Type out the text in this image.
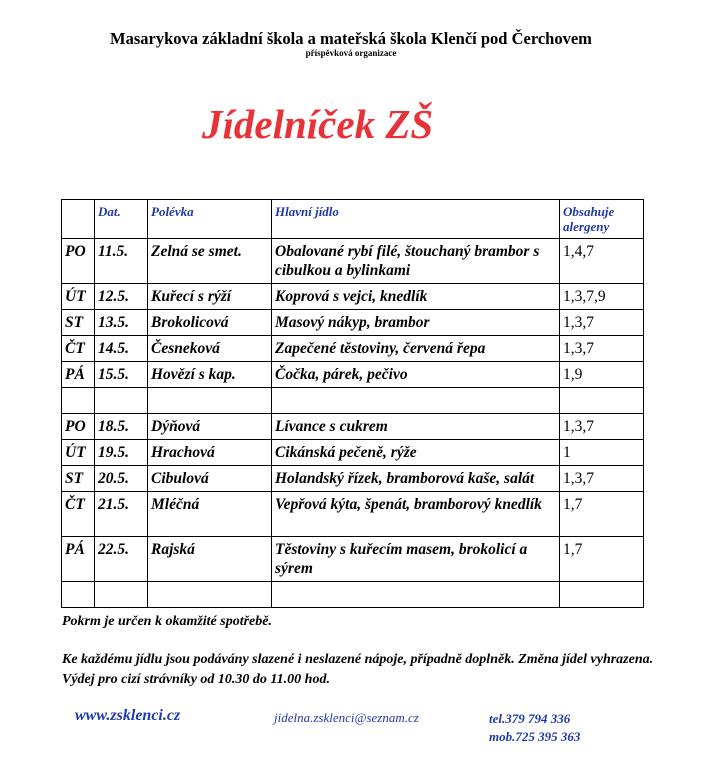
Masarykova základní škola a mateřská škola Klenčí pod Čerchovem
příspěvková organizace
Jídelníček ZŠ
	Dat.	Polévka	Hlavní jídlo	Obsahuje alergeny
PO	11.5.	Zelná se smet.	Obalované rybí filé, štouchaný brambor s cibulkou a bylinkami	1,4,7
ÚT	12.5.	Kuřecí s rýží	Koprová s vejci, knedlík	1,3,7,9
ST	13.5.	Brokolicová	Masový nákyp, brambor	1,3,7
ČT	14.5.	Česneková	Zapečené těstoviny, červená řepa	1,3,7
PÁ	15.5.	Hovězí s kap.	Čočka, párek, pečivo	1,9

PO	18.5.	Dýňová	Lívance s cukrem	1,3,7
ÚT	19.5.	Hrachová	Cikánská pečeně, rýže	1
ST	20.5.	Cibulová	Holandský řízek, bramborová kaše, salát	1,3,7
ČT	21.5.	Mléčná	Vepřová kýta, špenát, bramborový knedlík	1,7
PÁ	22.5.	Rajská	Těstoviny s kuřecím masem, brokolicí a sýrem	1,7

Pokrm je určen k okamžité spotřebě.
Ke každému jídlu jsou podávány slazené i neslazené nápoje, případně doplněk. Změna jídel vyhrazena. Výdej pro cizí strávníky od 10.30 do 11.00 hod.
www.zsklenci.cz	jidelna.zsklenci@seznam.cz	tel.379 794 336
mob.725 395 363
